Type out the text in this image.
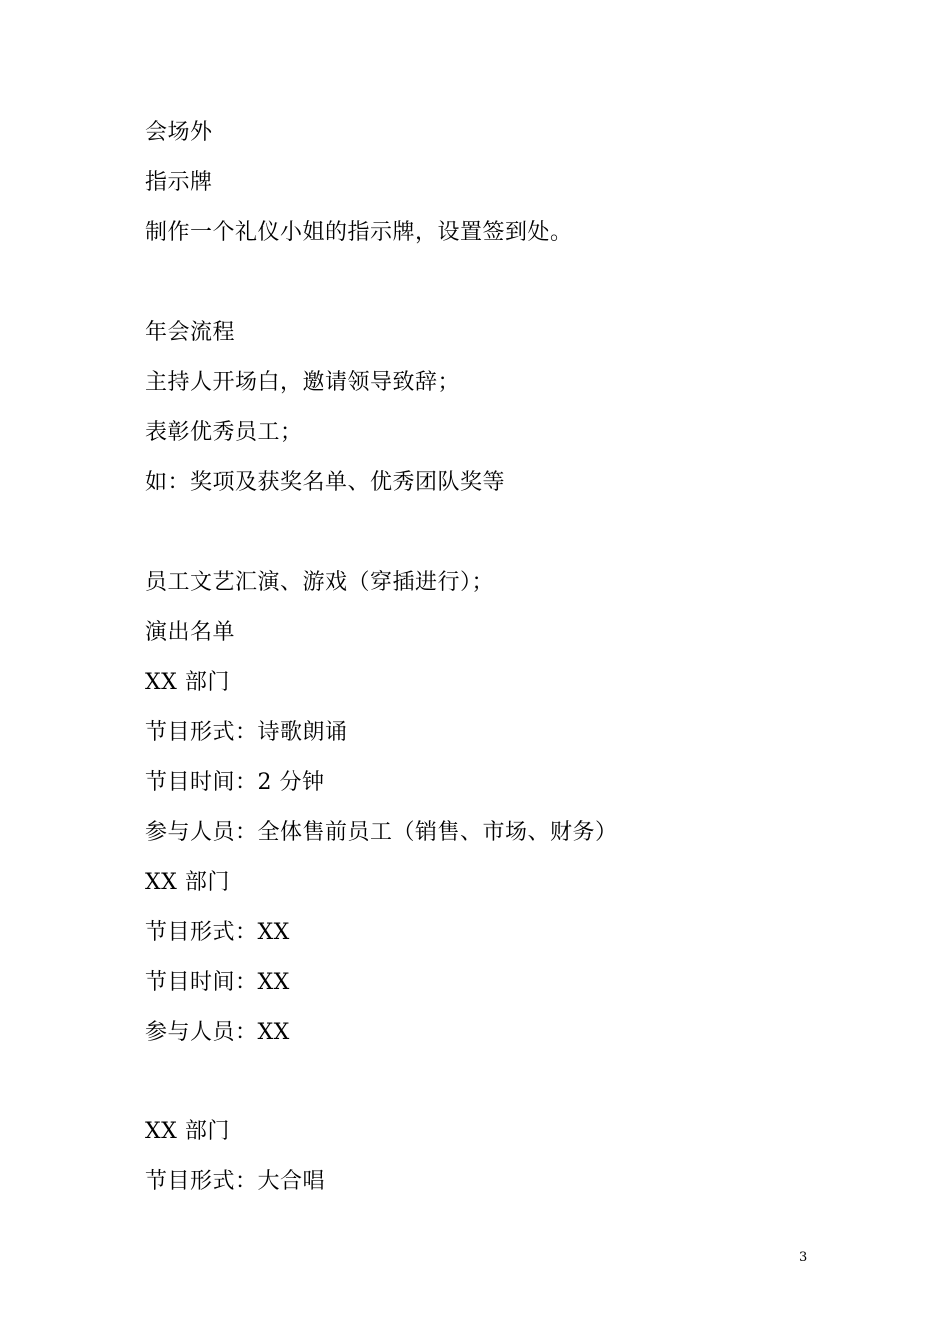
会场外
指示牌
制作一个礼仪小姐的指示牌，设置签到处。
年会流程
主持人开场白，邀请领导致辞；
表彰优秀员工；
如：奖项及获奖名单、优秀团队奖等
员工文艺汇演、游戏（穿插进行）；
演出名单
XX 部门
节目形式：诗歌朗诵
节目时间：2 分钟
参与人员：全体售前员工（销售、市场、财务）
XX 部门
节目形式：XX
节目时间：XX
参与人员：XX
XX 部门
节目形式：大合唱
3
